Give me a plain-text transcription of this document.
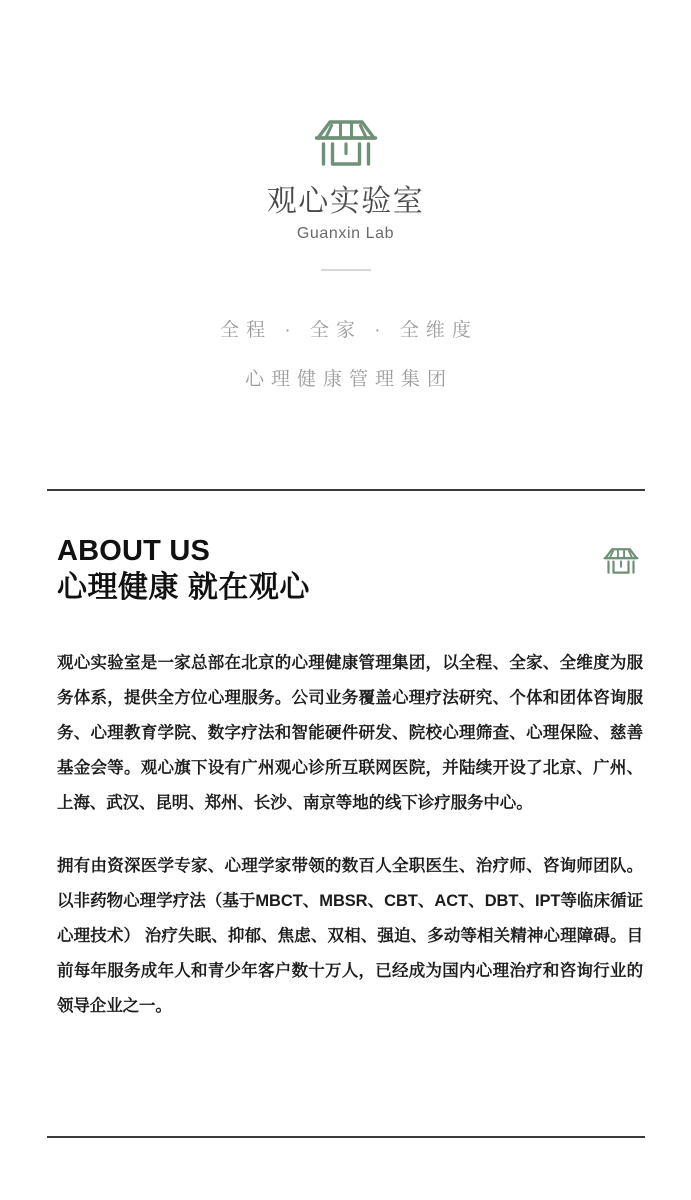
观心实验室
Guanxin Lab
全程 · 全家 · 全维度
心理健康管理集团
ABOUT US
心理健康 就在观心

观心实验室是一家总部在北京的心理健康管理集团，以全程、全家、全维度为服务体系，提供全方位心理服务。公司业务覆盖心理疗法研究、个体和团体咨询服务、心理教育学院、数字疗法和智能硬件研发、院校心理筛查、心理保险、慈善基金会等。观心旗下设有广州观心诊所互联网医院，并陆续开设了北京、广州、上海、武汉、昆明、郑州、长沙、南京等地的线下诊疗服务中心。

拥有由资深医学专家、心理学家带领的数百人全职医生、治疗师、咨询师团队。以非药物心理学疗法（基于MBCT、MBSR、CBT、ACT、DBT、IPT等临床循证心理技术） 治疗失眠、抑郁、焦虑、双相、强迫、多动等相关精神心理障碍。目前每年服务成年人和青少年客户数十万人，已经成为国内心理治疗和咨询行业的领导企业之一。
